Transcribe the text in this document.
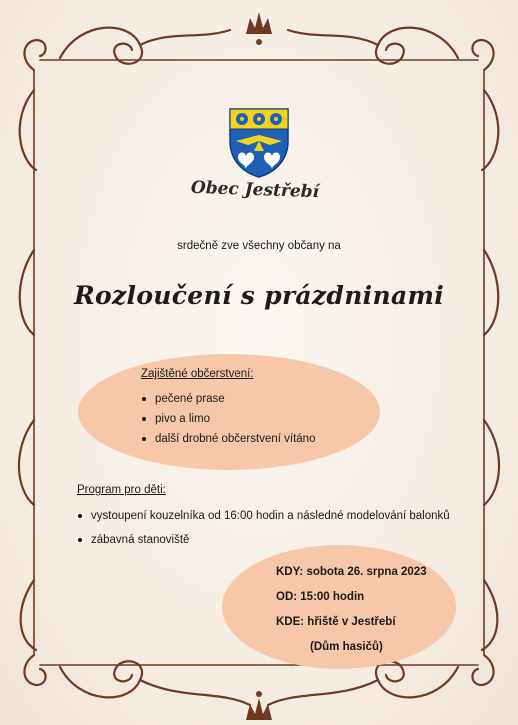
Obec Jestřebí
srdečně zve všechny občany na
Rozloučení s prázdninami
Zajištěné občerstvení:
pečené prase
pivo a limo
další drobné občerstvení vítáno
Program pro děti:
vystoupení kouzelníka od 16:00 hodin a následné modelování balonků
zábavná stanoviště
KDY: sobota 26. srpna 2023
OD: 15:00 hodin
KDE: hřiště v Jestřebí
(Dům hasičů)
